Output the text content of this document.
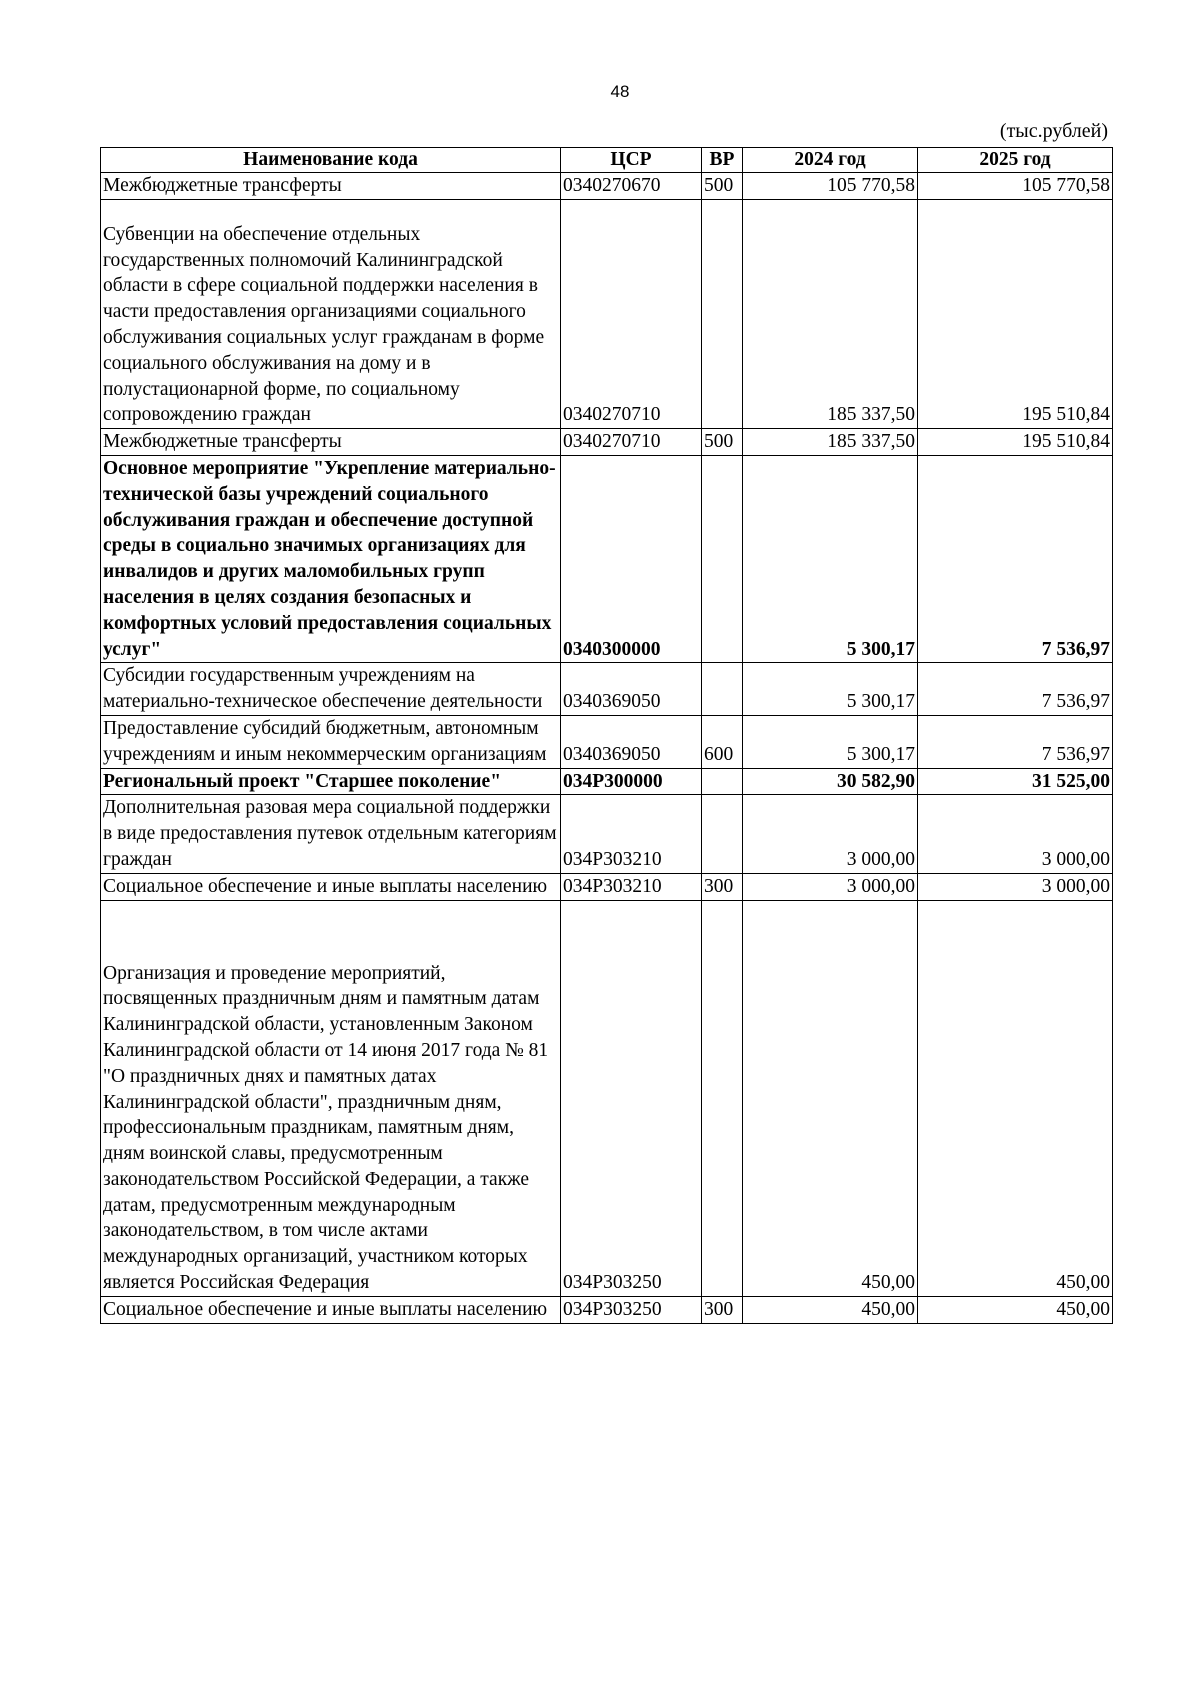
48
(тыс.рублей)
Наименование кода	ЦСР	ВР	2024 год	2025 год
Межбюджетные трансферты	0340270670	500	105 770,58	105 770,58
Субвенции на обеспечение отдельных государственных полномочий Калининградской области в сфере социальной поддержки населения в части предоставления организациями социального обслуживания социальных услуг гражданам в форме социального обслуживания на дому и в полустационарной форме, по социальному сопровождению граждан	0340270710		185 337,50	195 510,84
Межбюджетные трансферты	0340270710	500	185 337,50	195 510,84
Основное мероприятие "Укрепление материально-технической базы учреждений социального обслуживания граждан и обеспечение доступной среды в социально значимых организациях для инвалидов и других маломобильных групп населения в целях создания безопасных и комфортных условий предоставления социальных услуг"	0340300000		5 300,17	7 536,97
Субсидии государственным учреждениям на материально-техническое обеспечение деятельности	0340369050		5 300,17	7 536,97
Предоставление субсидий бюджетным, автономным учреждениям и иным некоммерческим организациям	0340369050	600	5 300,17	7 536,97
Региональный проект "Старшее поколение"	034P300000		30 582,90	31 525,00
Дополнительная разовая мера социальной поддержки в виде предоставления путевок отдельным категориям граждан	034P303210		3 000,00	3 000,00
Социальное обеспечение и иные выплаты населению	034P303210	300	3 000,00	3 000,00
Организация и проведение мероприятий, посвященных праздничным дням и памятным датам Калининградской области, установленным Законом Калининградской области от 14 июня 2017 года № 81 "О праздничных днях и памятных датах Калининградской области", праздничным дням, профессиональным праздникам, памятным дням, дням воинской славы, предусмотренным законодательством Российской Федерации, а также датам, предусмотренным международным законодательством, в том числе актами международных организаций, участником которых является Российская Федерация	034P303250		450,00	450,00
Социальное обеспечение и иные выплаты населению	034P303250	300	450,00	450,00
